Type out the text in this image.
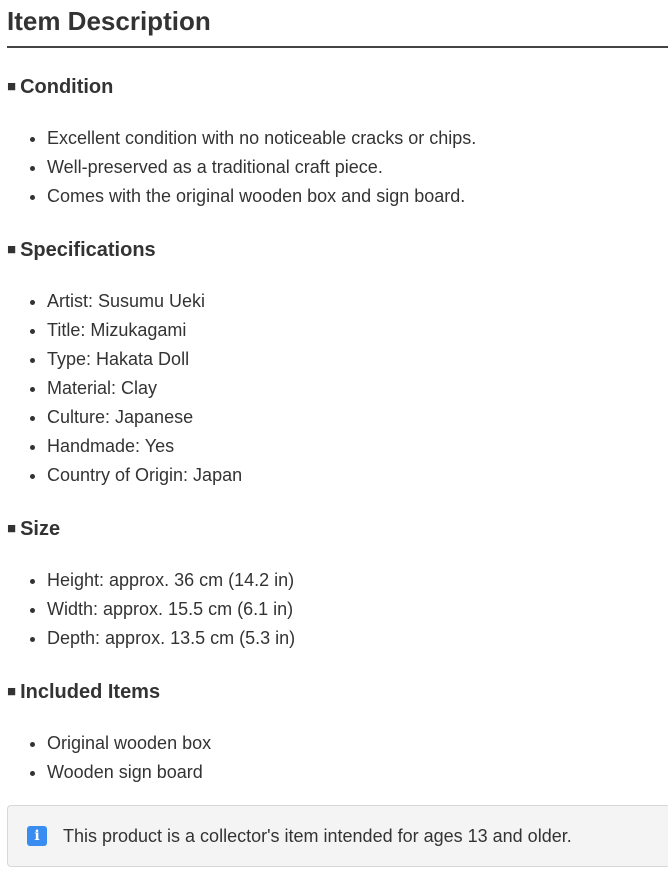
Item Description
■ Condition
• Excellent condition with no noticeable cracks or chips.
• Well-preserved as a traditional craft piece.
• Comes with the original wooden box and sign board.
■ Specifications
• Artist: Susumu Ueki
• Title: Mizukagami
• Type: Hakata Doll
• Material: Clay
• Culture: Japanese
• Handmade: Yes
• Country of Origin: Japan
■ Size
• Height: approx. 36 cm (14.2 in)
• Width: approx. 15.5 cm (6.1 in)
• Depth: approx. 13.5 cm (5.3 in)
■ Included Items
• Original wooden box
• Wooden sign board
i	This product is a collector's item intended for ages 13 and older.
